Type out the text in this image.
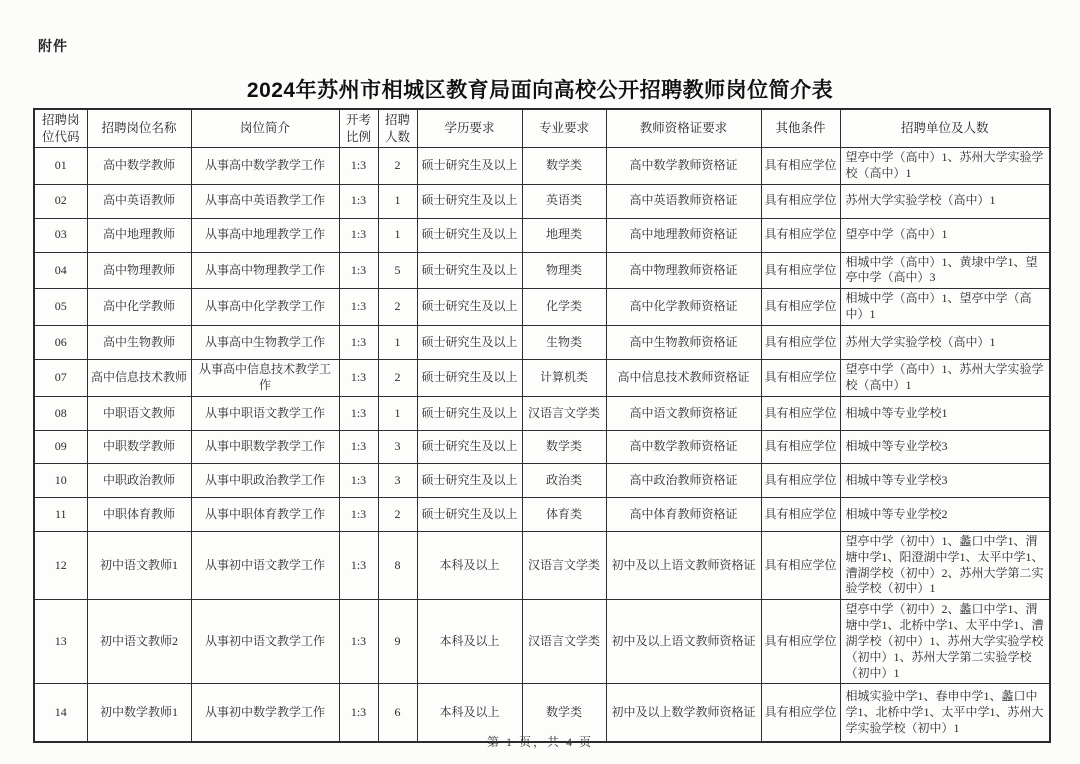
附件
2024年苏州市相城区教育局面向高校公开招聘教师岗位简介表
招聘岗位代码	招聘岗位名称	岗位简介	开考比例	招聘人数	学历要求	专业要求	教师资格证要求	其他条件	招聘单位及人数
01	高中数学教师	从事高中数学教学工作	1:3	2	硕士研究生及以上	数学类	高中数学教师资格证	具有相应学位	望亭中学（高中）1、苏州大学实验学校（高中）1
02	高中英语教师	从事高中英语教学工作	1:3	1	硕士研究生及以上	英语类	高中英语教师资格证	具有相应学位	苏州大学实验学校（高中）1
03	高中地理教师	从事高中地理教学工作	1:3	1	硕士研究生及以上	地理类	高中地理教师资格证	具有相应学位	望亭中学（高中）1
04	高中物理教师	从事高中物理教学工作	1:3	5	硕士研究生及以上	物理类	高中物理教师资格证	具有相应学位	相城中学（高中）1、黄埭中学1、望亭中学（高中）3
05	高中化学教师	从事高中化学教学工作	1:3	2	硕士研究生及以上	化学类	高中化学教师资格证	具有相应学位	相城中学（高中）1、望亭中学（高中）1
06	高中生物教师	从事高中生物教学工作	1:3	1	硕士研究生及以上	生物类	高中生物教师资格证	具有相应学位	苏州大学实验学校（高中）1
07	高中信息技术教师	从事高中信息技术教学工作	1:3	2	硕士研究生及以上	计算机类	高中信息技术教师资格证	具有相应学位	望亭中学（高中）1、苏州大学实验学校（高中）1
08	中职语文教师	从事中职语文教学工作	1:3	1	硕士研究生及以上	汉语言文学类	高中语文教师资格证	具有相应学位	相城中等专业学校1
09	中职数学教师	从事中职数学教学工作	1:3	3	硕士研究生及以上	数学类	高中数学教师资格证	具有相应学位	相城中等专业学校3
10	中职政治教师	从事中职政治教学工作	1:3	3	硕士研究生及以上	政治类	高中政治教师资格证	具有相应学位	相城中等专业学校3
11	中职体育教师	从事中职体育教学工作	1:3	2	硕士研究生及以上	体育类	高中体育教师资格证	具有相应学位	相城中等专业学校2
12	初中语文教师1	从事初中语文教学工作	1:3	8	本科及以上	汉语言文学类	初中及以上语文教师资格证	具有相应学位	望亭中学（初中）1、蠡口中学1、渭塘中学1、阳澄湖中学1、太平中学1、漕湖学校（初中）2、苏州大学第二实验学校（初中）1
13	初中语文教师2	从事初中语文教学工作	1:3	9	本科及以上	汉语言文学类	初中及以上语文教师资格证	具有相应学位	望亭中学（初中）2、蠡口中学1、渭塘中学1、北桥中学1、太平中学1、漕湖学校（初中）1、苏州大学实验学校（初中）1、苏州大学第二实验学校（初中）1
14	初中数学教师1	从事初中数学教学工作	1:3	6	本科及以上	数学类	初中及以上数学教师资格证	具有相应学位	相城实验中学1、春申中学1、蠡口中学1、北桥中学1、太平中学1、苏州大学实验学校（初中）1
第 1 页，共 4 页
